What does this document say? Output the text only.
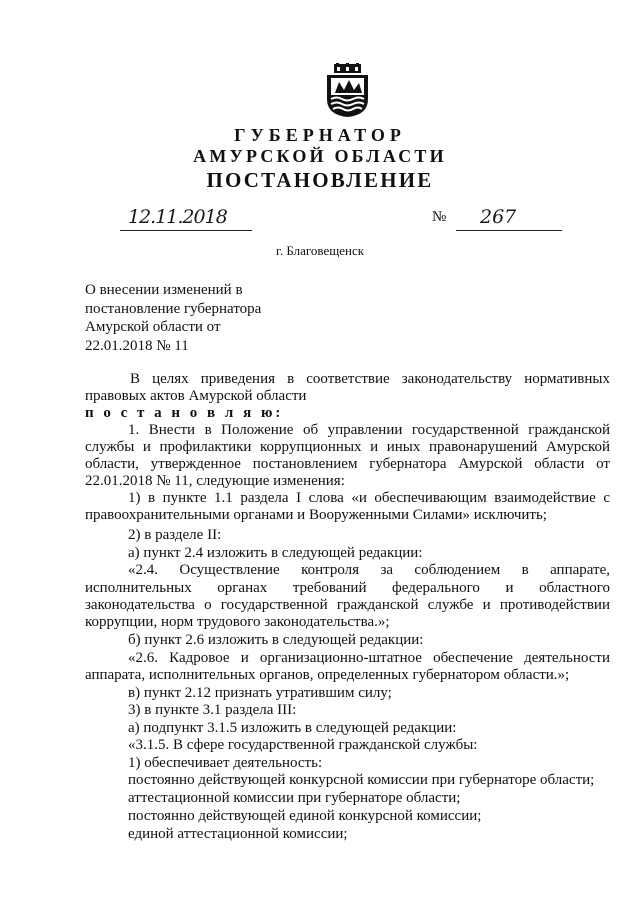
ГУБЕРНАТОР
АМУРСКОЙ ОБЛАСТИ
ПОСТАНОВЛЕНИЕ
12.11.2018	№ 267
г. Благовещенск
О внесении изменений в
постановление губернатора
Амурской области от
22.01.2018 № 11
В целях приведения в соответствие законодательству нормативных
правовых актов Амурской области
п о с т а н о в л я ю:
1. Внести в Положение об управлении государственной гражданской
службы и профилактики коррупционных и иных правонарушений Амурской
области, утвержденное постановлением губернатора Амурской области от
22.01.2018 № 11, следующие изменения:
1) в пункте 1.1 раздела I слова «и обеспечивающим взаимодействие с
правоохранительными органами и Вооруженными Силами» исключить;
2) в разделе II:
а) пункт 2.4 изложить в следующей редакции:
«2.4. Осуществление контроля за соблюдением в аппарате,
исполнительных органах требований федерального и областного
законодательства о государственной гражданской службе и противодействии
коррупции, норм трудового законодательства.»;
б) пункт 2.6 изложить в следующей редакции:
«2.6. Кадровое и организационно-штатное обеспечение деятельности
аппарата, исполнительных органов, определенных губернатором области.»;
в) пункт 2.12 признать утратившим силу;
3) в пункте 3.1 раздела III:
а) подпункт 3.1.5 изложить в следующей редакции:
«3.1.5. В сфере государственной гражданской службы:
1) обеспечивает деятельность:
постоянно действующей конкурсной комиссии при губернаторе области;
аттестационной комиссии при губернаторе области;
постоянно действующей единой конкурсной комиссии;
единой аттестационной комиссии;
